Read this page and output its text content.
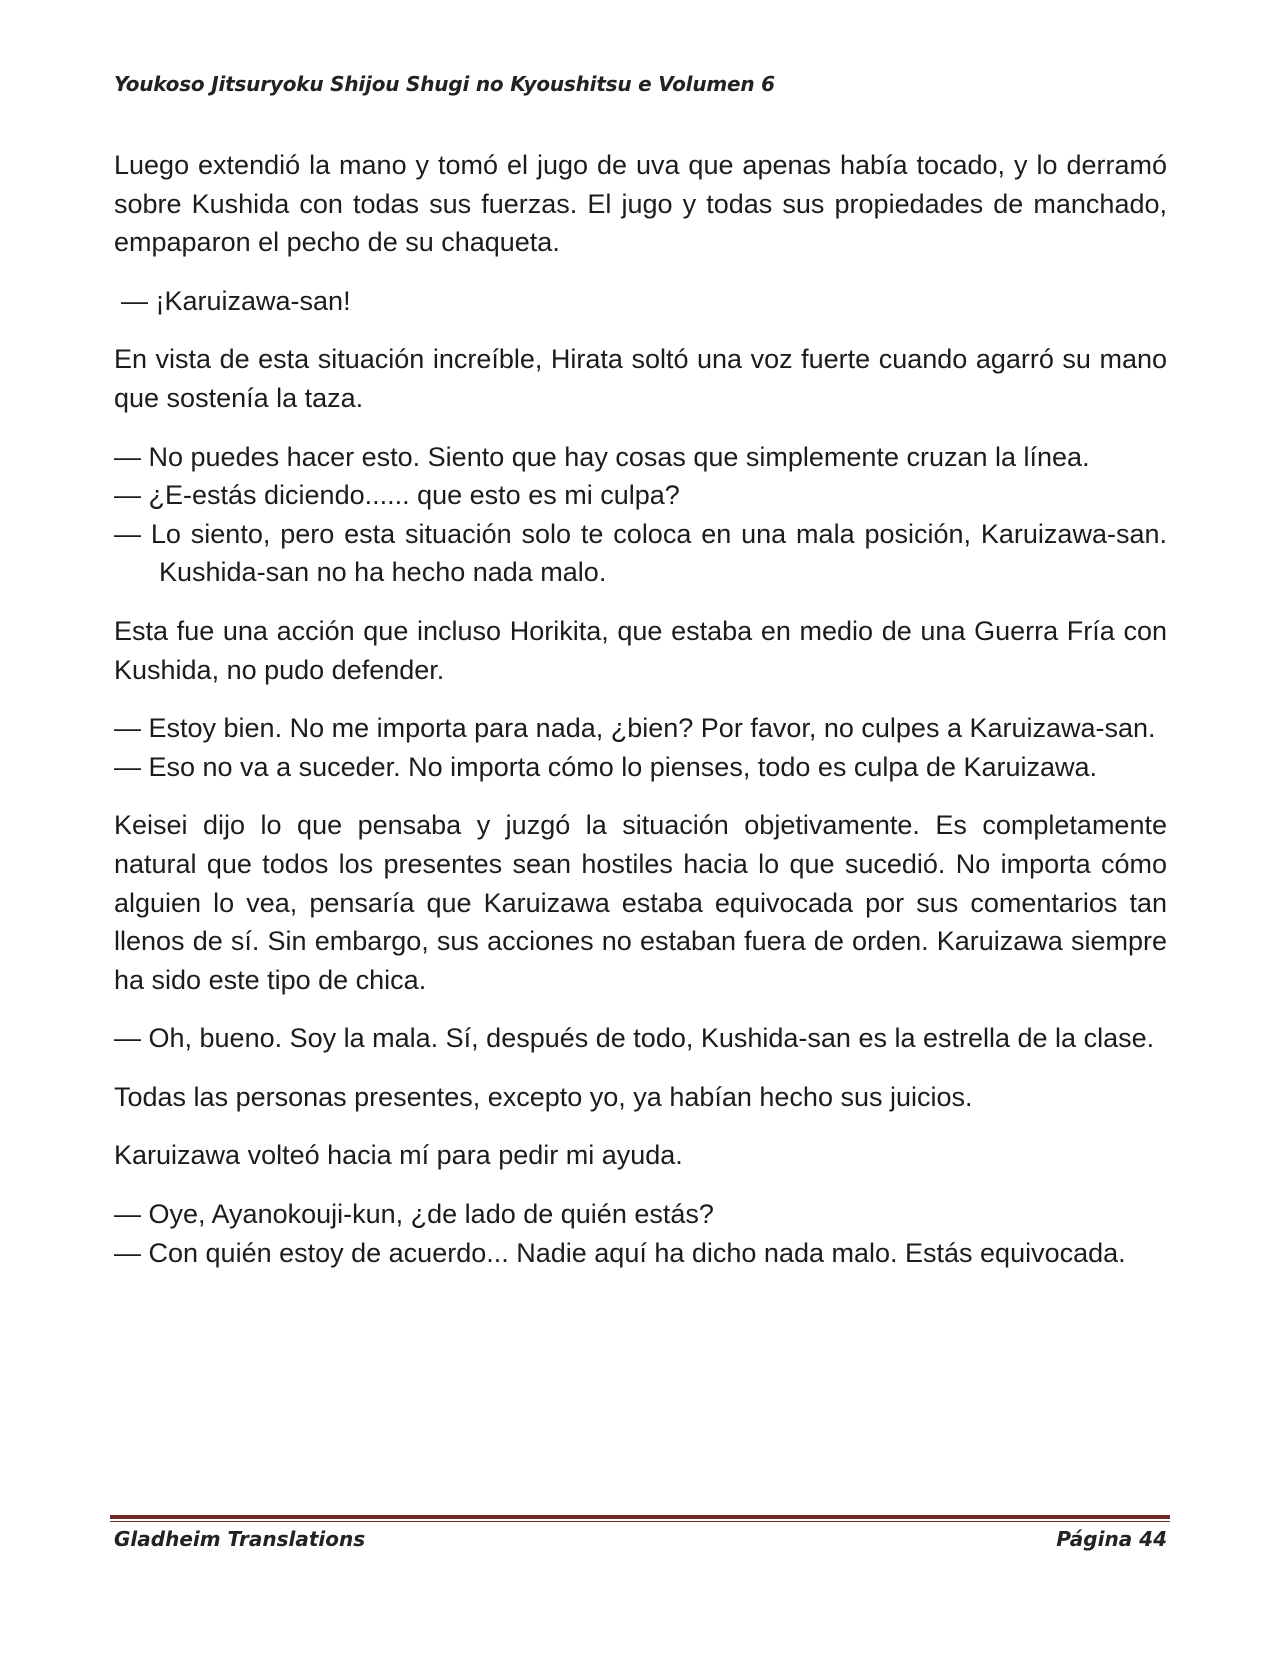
Youkoso Jitsuryoku Shijou Shugi no Kyoushitsu e Volumen 6

Luego extendió la mano y tomó el jugo de uva que apenas había tocado, y lo derramó sobre Kushida con todas sus fuerzas. El jugo y todas sus propiedades de manchado, empaparon el pecho de su chaqueta.

— ¡Karuizawa-san!

En vista de esta situación increíble, Hirata soltó una voz fuerte cuando agarró su mano que sostenía la taza.

— No puedes hacer esto. Siento que hay cosas que simplemente cruzan la línea.

— ¿E-estás diciendo...... que esto es mi culpa?

— Lo siento, pero esta situación solo te coloca en una mala posición, Karuizawa-san. Kushida-san no ha hecho nada malo.

Esta fue una acción que incluso Horikita, que estaba en medio de una Guerra Fría con Kushida, no pudo defender.

— Estoy bien. No me importa para nada, ¿bien? Por favor, no culpes a Karuizawa-san.

— Eso no va a suceder. No importa cómo lo pienses, todo es culpa de Karuizawa.

Keisei dijo lo que pensaba y juzgó la situación objetivamente. Es completamente natural que todos los presentes sean hostiles hacia lo que sucedió. No importa cómo alguien lo vea, pensaría que Karuizawa estaba equivocada por sus comentarios tan llenos de sí. Sin embargo, sus acciones no estaban fuera de orden. Karuizawa siempre ha sido este tipo de chica.

— Oh, bueno. Soy la mala. Sí, después de todo, Kushida-san es la estrella de la clase.

Todas las personas presentes, excepto yo, ya habían hecho sus juicios.

Karuizawa volteó hacia mí para pedir mi ayuda.

— Oye, Ayanokouji-kun, ¿de lado de quién estás?

— Con quién estoy de acuerdo... Nadie aquí ha dicho nada malo. Estás equivocada.

Gladheim Translations	Página 44
